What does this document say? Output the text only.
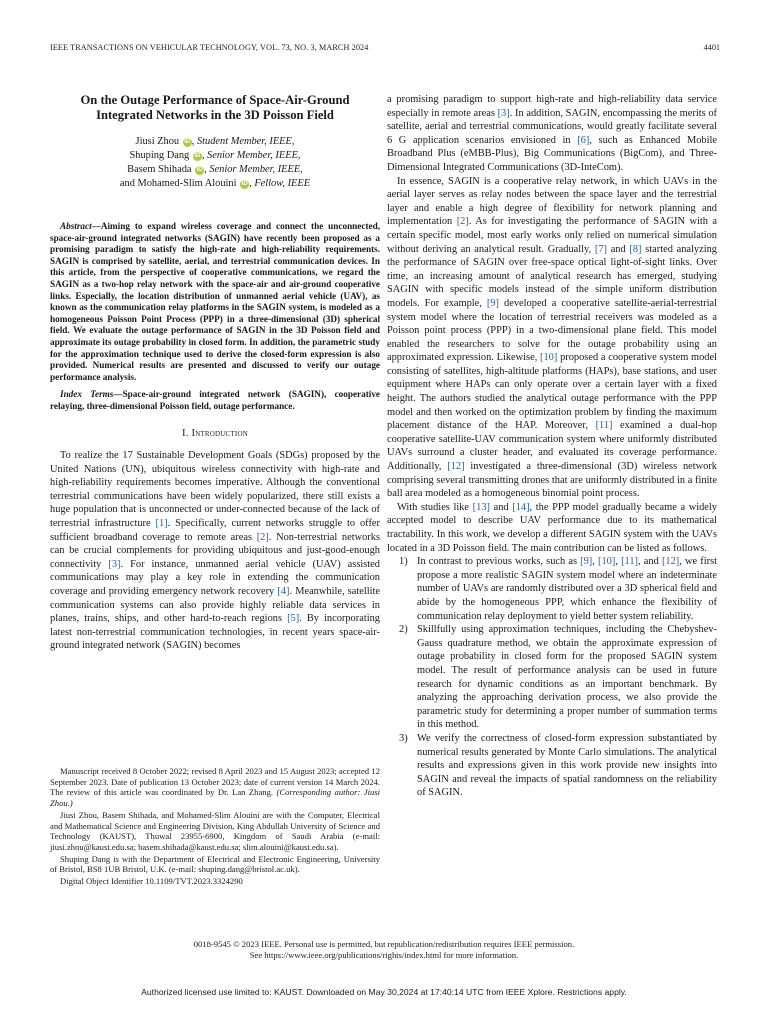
IEEE TRANSACTIONS ON VEHICULAR TECHNOLOGY, VOL. 73, NO. 3, MARCH 2024	4401
On the Outage Performance of Space-Air-Ground Integrated Networks in the 3D Poisson Field
Jiusi Zhou iD , Student Member, IEEE,
Shuping Dang iD , Senior Member, IEEE,
Basem Shihada iD , Senior Member, IEEE,
and Mohamed-Slim Alouini iD , Fellow, IEEE

Abstract—Aiming to expand wireless coverage and connect the unconnected, space-air-ground integrated networks (SAGIN) have recently been proposed as a promising paradigm to satisfy the high-rate and high-reliability requirements. SAGIN is comprised by satellite, aerial, and terrestrial communication devices. In this article, from the perspective of cooperative communications, we regard the SAGIN as a two-hop relay network with the space-air and air-ground cooperative links. Especially, the location distribution of unmanned aerial vehicle (UAV), as known as the communication relay platforms in the SAGIN system, is modeled as a homogeneous Poisson Point Process (PPP) in a three-dimensional (3D) spherical field. We evaluate the outage performance of SAGIN in the 3D Poisson field and approximate its outage probability in closed form. In addition, the parametric study for the approximation technique used to derive the closed-form expression is also provided. Numerical results are presented and discussed to verify our outage performance analysis.

Index Terms—Space-air-ground integrated network (SAGIN), cooperative relaying, three-dimensional Poisson field, outage performance.

I. Introduction

To realize the 17 Sustainable Development Goals (SDGs) proposed by the United Nations (UN), ubiquitous wireless connectivity with high-rate and high-reliability requirements becomes imperative. Although the conventional terrestrial communications have been widely popularized, there still exists a huge population that is unconnected or under-connected because of the lack of terrestrial infrastructure [1]. Specifically, current networks struggle to offer sufficient broadband coverage to remote areas [2]. Non-terrestrial networks can be crucial complements for providing ubiquitous and just-good-enough connectivity [3]. For instance, unmanned aerial vehicle (UAV) assisted communications may play a key role in extending the communication coverage and providing emergency network recovery [4]. Meanwhile, satellite communication systems can also provide highly reliable data services in planes, trains, ships, and other hard-to-reach regions [5]. By incorporating latest non-terrestrial communication technologies, in recent years space-air-ground integrated network (SAGIN) becomes

Manuscript received 8 October 2022; revised 8 April 2023 and 15 August 2023; accepted 12 September 2023. Date of publication 13 October 2023; date of current version 14 March 2024. The review of this article was coordinated by Dr. Lan Zhang. (Corresponding author: Jiusi Zhou.)

Jiusi Zhou, Basem Shihada, and Mohamed-Slim Alouini are with the Computer, Electrical and Mathematical Science and Engineering Division, King Abdullah University of Science and Technology (KAUST), Thuwal 23955-6900, Kingdom of Saudi Arabia (e-mail: jiusi.zhou@kaust.edu.sa; basem.shihada@kaust.edu.sa; slim.alouini@kaust.edu.sa).

Shuping Dang is with the Department of Electrical and Electronic Engineering, University of Bristol, BS8 1UB Bristol, U.K. (e-mail: shuping.dang@bristol.ac.uk).

Digital Object Identifier 10.1109/TVT.2023.3324290

a promising paradigm to support high-rate and high-reliability data service especially in remote areas [3]. In addition, SAGIN, encompassing the merits of satellite, aerial and terrestrial communications, would greatly facilitate several 6 G application scenarios envisioned in [6], such as Enhanced Mobile Broadband Plus (eMBB-Plus), Big Communications (BigCom), and Three-Dimensional Integrated Communications (3D-InteCom).

In essence, SAGIN is a cooperative relay network, in which UAVs in the aerial layer serves as relay nodes between the space layer and the terrestrial layer and enable a high degree of flexibility for network planning and implementation [2]. As for investigating the performance of SAGIN with a certain specific model, most early works only relied on numerical simulation without deriving an analytical result. Gradually, [7] and [8] started analyzing the performance of SAGIN over free-space optical light-of-sight links. Over time, an increasing amount of analytical research has emerged, studying SAGIN with specific models instead of the simple uniform distribution models. For example, [9] developed a cooperative satellite-aerial-terrestrial system model where the location of terrestrial receivers was modeled as a Poisson point process (PPP) in a two-dimensional plane field. This model enabled the researchers to solve for the outage probability using an approximated expression. Likewise, [10] proposed a cooperative system model consisting of satellites, high-altitude platforms (HAPs), base stations, and user equipment where HAPs can only operate over a certain layer with a fixed height. The authors studied the analytical outage performance with the PPP model and then worked on the optimization problem by finding the maximum placement distance of the HAP. Moreover, [11] examined a dual-hop cooperative satellite-UAV communication system where uniformly distributed UAVs surround a cluster header, and evaluated its coverage performance. Additionally, [12] investigated a three-dimensional (3D) wireless network comprising several transmitting drones that are uniformly distributed in a finite ball area modeled as a homogeneous binomial point process.

With studies like [13] and [14], the PPP model gradually became a widely accepted model to describe UAV performance due to its mathematical tractability. In this work, we develop a different SAGIN system with the UAVs located in a 3D Poisson field. The main contribution can be listed as follows.

1) In contrast to previous works, such as [9], [10], [11], and [12], we first propose a more realistic SAGIN system model where an indeterminate number of UAVs are randomly distributed over a 3D spherical field and abide by the homogeneous PPP, which enhance the flexibility of communication relay deployment to yield better system reliability.
2) Skillfully using approximation techniques, including the Chebyshev-Gauss quadrature method, we obtain the approximate expression of outage probability in closed form for the proposed SAGIN system model. The result of performance analysis can be used in future research for dynamic conditions as an important benchmark. By analyzing the approaching derivation process, we also provide the parametric study for determining a proper number of summation terms in this method.
3) We verify the correctness of closed-form expression substantiated by numerical results generated by Monte Carlo simulations. The analytical results and expressions given in this work provide new insights into SAGIN and reveal the impacts of spatial randomness on the reliability of SAGIN.
0018-9545 © 2023 IEEE. Personal use is permitted, but republication/redistribution requires IEEE permission.
See https://www.ieee.org/publications/rights/index.html for more information.
Authorized licensed use limited to: KAUST. Downloaded on May 30,2024 at 17:40:14 UTC from IEEE Xplore. Restrictions apply.
